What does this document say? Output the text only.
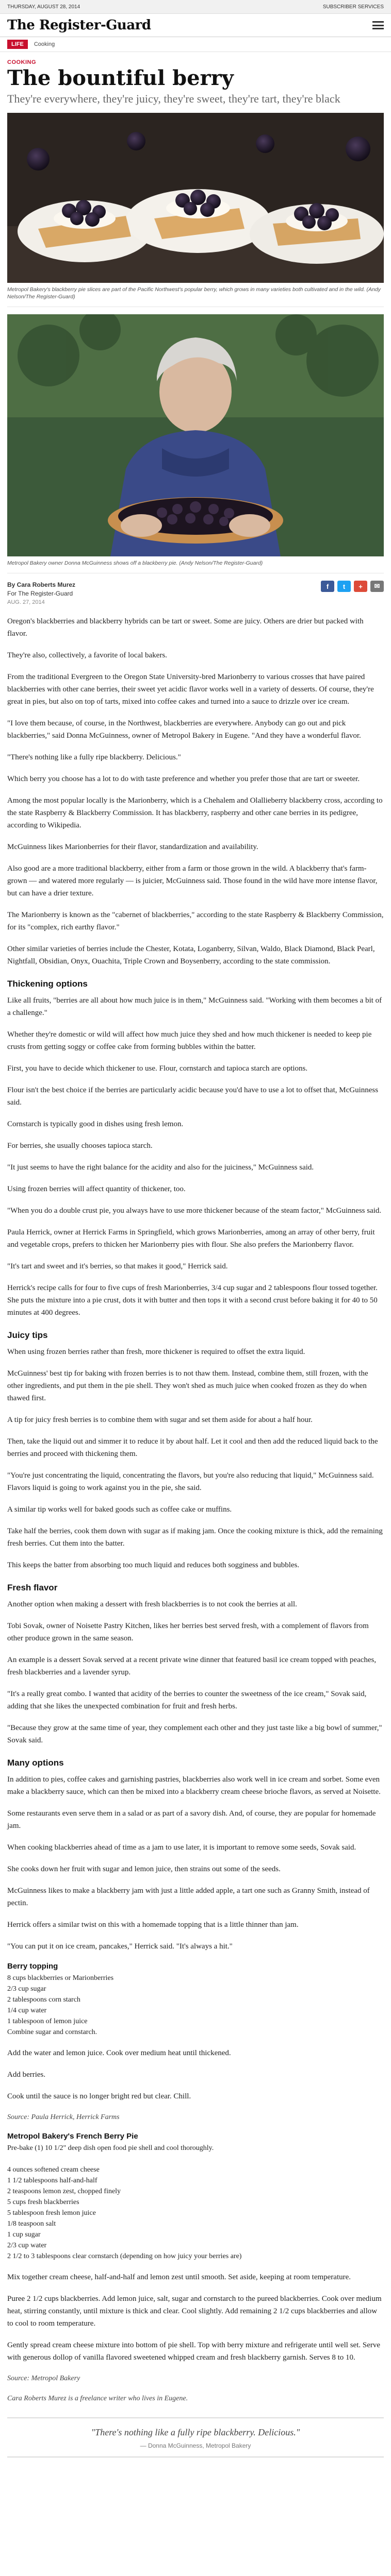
THURSDAY, AUGUST 28, 2014	SUBSCRIBER SERVICES
The Register-Guard
LIFE	Cooking
COOKING
The bountiful berry
They're everywhere, they're juicy, they're sweet, they're tart, they're black
Metropol Bakery's blackberry pie slices are part of the Pacific Northwest's popular berry, which grows in many varieties both cultivated and in the wild. (Andy Nelson/The Register-Guard)
Metropol Bakery owner Donna McGuinness shows off a blackberry pie. (Andy Nelson/The Register-Guard)
By Cara Roberts Murez
For The Register-Guard
AUG. 27, 2014
f	t	+	✉

Oregon's blackberries and blackberry hybrids can be tart or sweet. Some are juicy. Others are drier but packed with flavor.

They're also, collectively, a favorite of local bakers.

From the traditional Evergreen to the Oregon State University-bred Marionberry to various crosses that have paired blackberries with other cane berries, their sweet yet acidic flavor works well in a variety of desserts. Of course, they're great in pies, but also on top of tarts, mixed into coffee cakes and turned into a sauce to drizzle over ice cream.

"I love them because, of course, in the Northwest, blackberries are everywhere. Anybody can go out and pick blackberries," said Donna McGuinness, owner of Metropol Bakery in Eugene. "And they have a wonderful flavor.

"There's nothing like a fully ripe blackberry. Delicious."

Which berry you choose has a lot to do with taste preference and whether you prefer those that are tart or sweeter.

Among the most popular locally is the Marionberry, which is a Chehalem and Olallieberry blackberry cross, according to the state Raspberry & Blackberry Commission. It has blackberry, raspberry and other cane berries in its pedigree, according to Wikipedia.

McGuinness likes Marionberries for their flavor, standardization and availability.

Also good are a more traditional blackberry, either from a farm or those grown in the wild. A blackberry that's farm-grown — and watered more regularly — is juicier, McGuinness said. Those found in the wild have more intense flavor, but can have a drier texture.

The Marionberry is known as the "cabernet of blackberries," according to the state Raspberry & Blackberry Commission, for its "complex, rich earthy flavor."

Other similar varieties of berries include the Chester, Kotata, Loganberry, Silvan, Waldo, Black Diamond, Black Pearl, Nightfall, Obsidian, Onyx, Ouachita, Triple Crown and Boysenberry, according to the state commission.

Thickening options

Like all fruits, "berries are all about how much juice is in them," McGuinness said. "Working with them becomes a bit of a challenge."

Whether they're domestic or wild will affect how much juice they shed and how much thickener is needed to keep pie crusts from getting soggy or coffee cake from forming bubbles within the batter.

First, you have to decide which thickener to use. Flour, cornstarch and tapioca starch are options.

Flour isn't the best choice if the berries are particularly acidic because you'd have to use a lot to offset that, McGuinness said.

Cornstarch is typically good in dishes using fresh lemon.

For berries, she usually chooses tapioca starch.

"It just seems to have the right balance for the acidity and also for the juiciness," McGuinness said.

Using frozen berries will affect quantity of thickener, too.

"When you do a double crust pie, you always have to use more thickener because of the steam factor," McGuinness said.

Paula Herrick, owner at Herrick Farms in Springfield, which grows Marionberries, among an array of other berry, fruit and vegetable crops, prefers to thicken her Marionberry pies with flour. She also prefers the Marionberry flavor.

"It's tart and sweet and it's berries, so that makes it good," Herrick said.

Herrick's recipe calls for four to five cups of fresh Marionberries, 3/4 cup sugar and 2 tablespoons flour tossed together. She puts the mixture into a pie crust, dots it with butter and then tops it with a second crust before baking it for 40 to 50 minutes at 400 degrees.

Juicy tips

When using frozen berries rather than fresh, more thickener is required to offset the extra liquid.

McGuinness' best tip for baking with frozen berries is to not thaw them. Instead, combine them, still frozen, with the other ingredients, and put them in the pie shell. They won't shed as much juice when cooked frozen as they do when thawed first.

A tip for juicy fresh berries is to combine them with sugar and set them aside for about a half hour.

Then, take the liquid out and simmer it to reduce it by about half. Let it cool and then add the reduced liquid back to the berries and proceed with thickening them.

"You're just concentrating the liquid, concentrating the flavors, but you're also reducing that liquid," McGuinness said. Flavors liquid is going to work against you in the pie, she said.

A similar tip works well for baked goods such as coffee cake or muffins.

Take half the berries, cook them down with sugar as if making jam. Once the cooking mixture is thick, add the remaining fresh berries. Cut them into the batter.

This keeps the batter from absorbing too much liquid and reduces both sogginess and bubbles.

Fresh flavor

Another option when making a dessert with fresh blackberries is to not cook the berries at all.

Tobi Sovak, owner of Noisette Pastry Kitchen, likes her berries best served fresh, with a complement of flavors from other produce grown in the same season.

An example is a dessert Sovak served at a recent private wine dinner that featured basil ice cream topped with peaches, fresh blackberries and a lavender syrup.

"It's a really great combo. I wanted that acidity of the berries to counter the sweetness of the ice cream," Sovak said, adding that she likes the unexpected combination for fruit and fresh herbs.

"Because they grow at the same time of year, they complement each other and they just taste like a big bowl of summer," Sovak said.

Many options

In addition to pies, coffee cakes and garnishing pastries, blackberries also work well in ice cream and sorbet. Some even make a blackberry sauce, which can then be mixed into a blackberry cream cheese brioche flavors, as served at Noisette.

Some restaurants even serve them in a salad or as part of a savory dish. And, of course, they are popular for homemade jam.

When cooking blackberries ahead of time as a jam to use later, it is important to remove some seeds, Sovak said.

She cooks down her fruit with sugar and lemon juice, then strains out some of the seeds.

McGuinness likes to make a blackberry jam with just a little added apple, a tart one such as Granny Smith, instead of pectin.

Herrick offers a similar twist on this with a homemade topping that is a little thinner than jam.

"You can put it on ice cream, pancakes," Herrick said. "It's always a hit."

Berry topping

8 cups blackberries or Marionberries

2/3 cup sugar

2 tablespoons corn starch

1/4 cup water

1 tablespoon of lemon juice

Combine sugar and cornstarch.

Add the water and lemon juice. Cook over medium heat until thickened.

Add berries.

Cook until the sauce is no longer bright red but clear. Chill.

Source: Paula Herrick, Herrick Farms

Metropol Bakery's French Berry Pie

Pre-bake (1) 10 1/2" deep dish open food pie shell and cool thoroughly.

4 ounces softened cream cheese

1 1/2 tablespoons half-and-half

2 teaspoons lemon zest, chopped finely

5 cups fresh blackberries

5 tablespoon fresh lemon juice

1/8 teaspoon salt

1 cup sugar

2/3 cup water

2 1/2 to 3 tablespoons clear cornstarch (depending on how juicy your berries are)

Mix together cream cheese, half-and-half and lemon zest until smooth. Set aside, keeping at room temperature.

Puree 2 1/2 cups blackberries. Add lemon juice, salt, sugar and cornstarch to the pureed blackberries. Cook over medium heat, stirring constantly, until mixture is thick and clear. Cool slightly. Add remaining 2 1/2 cups blackberries and allow to cool to room temperature.

Gently spread cream cheese mixture into bottom of pie shell. Top with berry mixture and refrigerate until well set. Serve with generous dollop of vanilla flavored sweetened whipped cream and fresh blackberry garnish. Serves 8 to 10.

Source: Metropol Bakery

Cara Roberts Murez is a freelance writer who lives in Eugene.

"There's nothing like a fully ripe blackberry. Delicious."
— Donna McGuinness, Metropol Bakery
